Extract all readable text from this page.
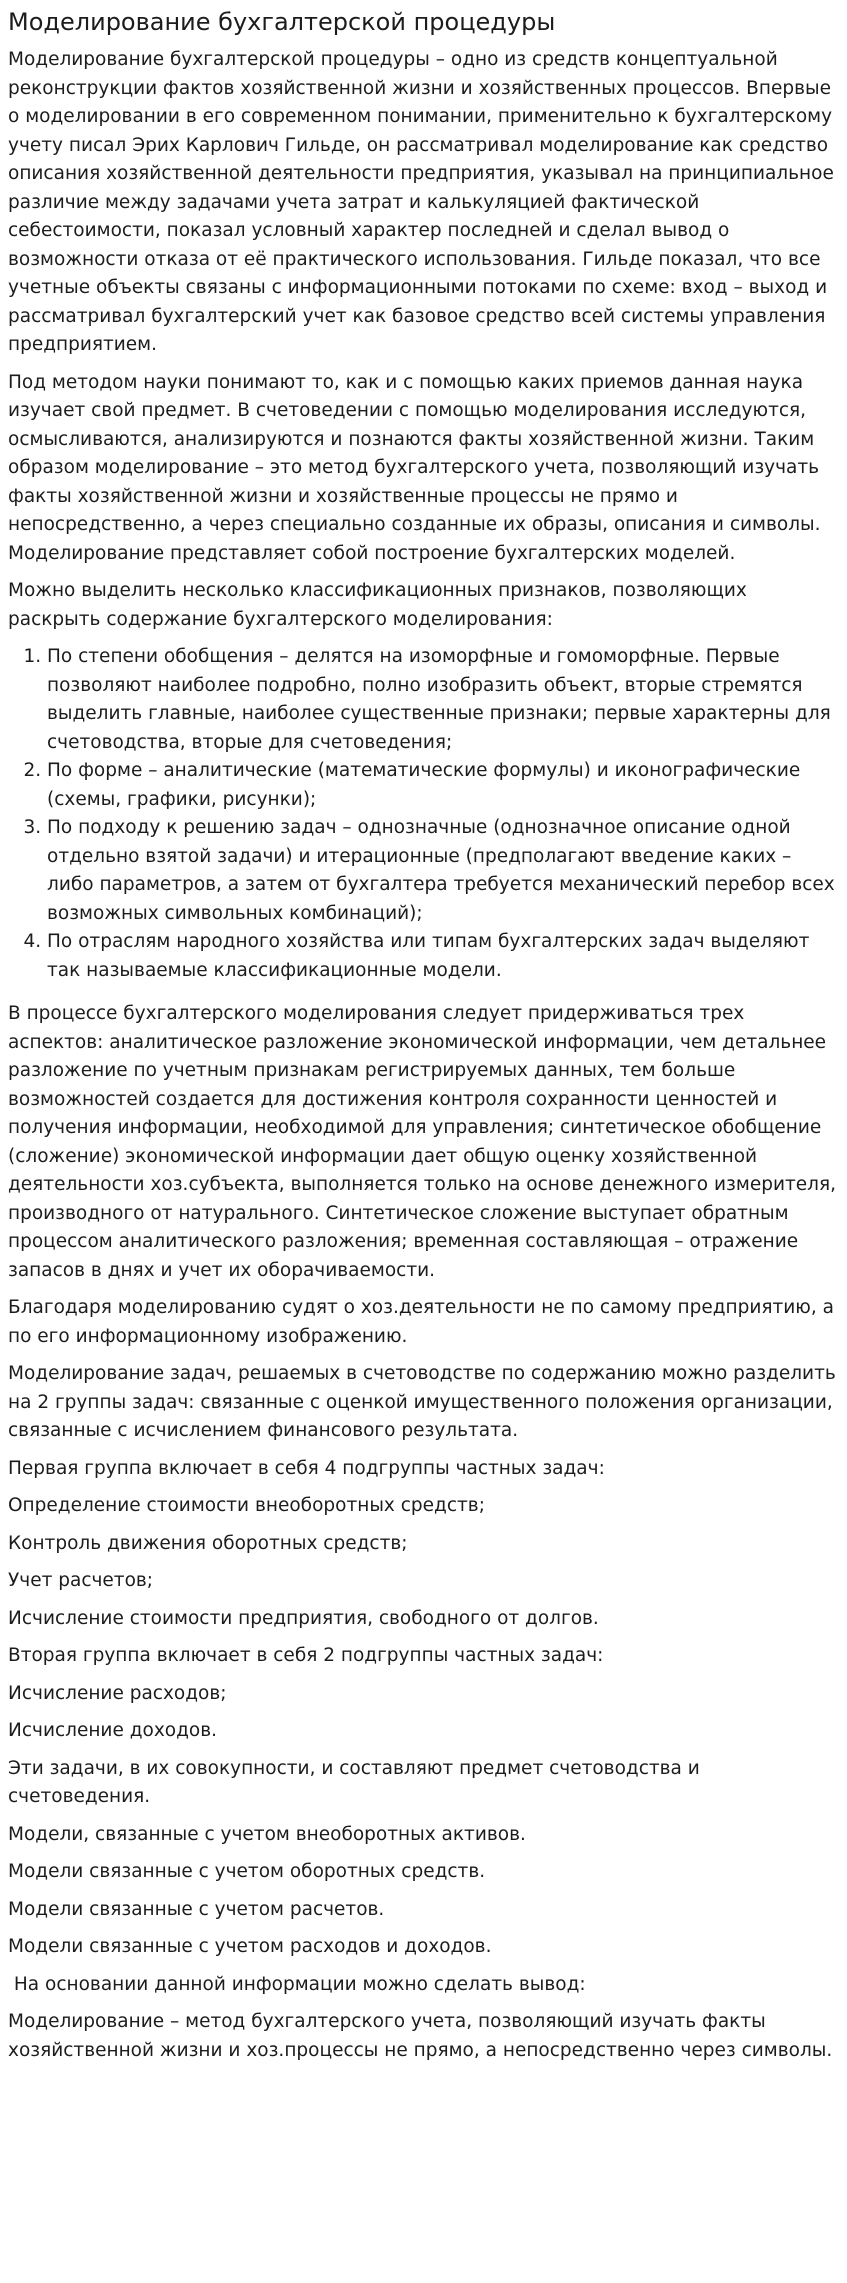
Моделирование бухгалтерской процедуры

Моделирование бухгалтерской процедуры – одно из средств концептуальной реконструкции фактов хозяйственной жизни и хозяйственных процессов. Впервые о моделировании в его современном понимании, применительно к бухгалтерскому учету писал Эрих Карлович Гильде, он рассматривал моделирование как средство описания хозяйственной деятельности предприятия, указывал на принципиальное различие между задачами учета затрат и калькуляцией фактической себестоимости, показал условный характер последней и сделал вывод о возможности отказа от её практического использования. Гильде показал, что все учетные объекты связаны с информационными потоками по схеме: вход – выход и рассматривал бухгалтерский учет как базовое средство всей системы управления предприятием.

Под методом науки понимают то, как и с помощью каких приемов данная наука изучает свой предмет. В счетоведении с помощью моделирования исследуются, осмысливаются, анализируются и познаются факты хозяйственной жизни. Таким образом моделирование – это метод бухгалтерского учета, позволяющий изучать факты хозяйственной жизни и хозяйственные процессы не прямо и непосредственно, а через специально созданные их образы, описания и символы. Моделирование представляет собой построение бухгалтерских моделей.

Можно выделить несколько классификационных признаков, позволяющих раскрыть содержание бухгалтерского моделирования:

1. По степени обобщения – делятся на изоморфные и гомоморфные. Первые позволяют наиболее подробно, полно изобразить объект, вторые стремятся выделить главные, наиболее существенные признаки; первые характерны для счетоводства, вторые для счетоведения;
2. По форме – аналитические (математические формулы) и иконографические (схемы, графики, рисунки);
3. По подходу к решению задач – однозначные (однозначное описание одной отдельно взятой задачи) и итерационные (предполагают введение каких – либо параметров, а затем от бухгалтера требуется механический перебор всех возможных символьных комбинаций);
4. По отраслям народного хозяйства или типам бухгалтерских задач выделяют так называемые классификационные модели.

В процессе бухгалтерского моделирования следует придерживаться трех аспектов: аналитическое разложение экономической информации, чем детальнее разложение по учетным признакам регистрируемых данных, тем больше возможностей создается для достижения контроля сохранности ценностей и получения информации, необходимой для управления; синтетическое обобщение (сложение) экономической информации дает общую оценку хозяйственной деятельности хоз.субъекта, выполняется только на основе денежного измерителя, производного от натурального. Синтетическое сложение выступает обратным процессом аналитического разложения; временная составляющая – отражение запасов в днях и учет их оборачиваемости.

Благодаря моделированию судят о хоз.деятельности не по самому предприятию, а по его информационному изображению.

Моделирование задач, решаемых в счетоводстве по содержанию можно разделить на 2 группы задач: связанные с оценкой имущественного положения организации, связанные с исчислением финансового результата.

Первая группа включает в себя 4 подгруппы частных задач:

Определение стоимости внеоборотных средств;

Контроль движения оборотных средств;

Учет расчетов;

Исчисление стоимости предприятия, свободного от долгов.

Вторая группа включает в себя 2 подгруппы частных задач:

Исчисление расходов;

Исчисление доходов.

Эти задачи, в их совокупности, и составляют предмет счетоводства и счетоведения.

Модели, связанные с учетом внеоборотных активов.

Модели связанные с учетом оборотных средств.

Модели связанные с учетом расчетов.

Модели связанные с учетом расходов и доходов.

На основании данной информации можно сделать вывод:

Моделирование – метод бухгалтерского учета, позволяющий изучать факты хозяйственной жизни и хоз.процессы не прямо, а непосредственно через символы.
